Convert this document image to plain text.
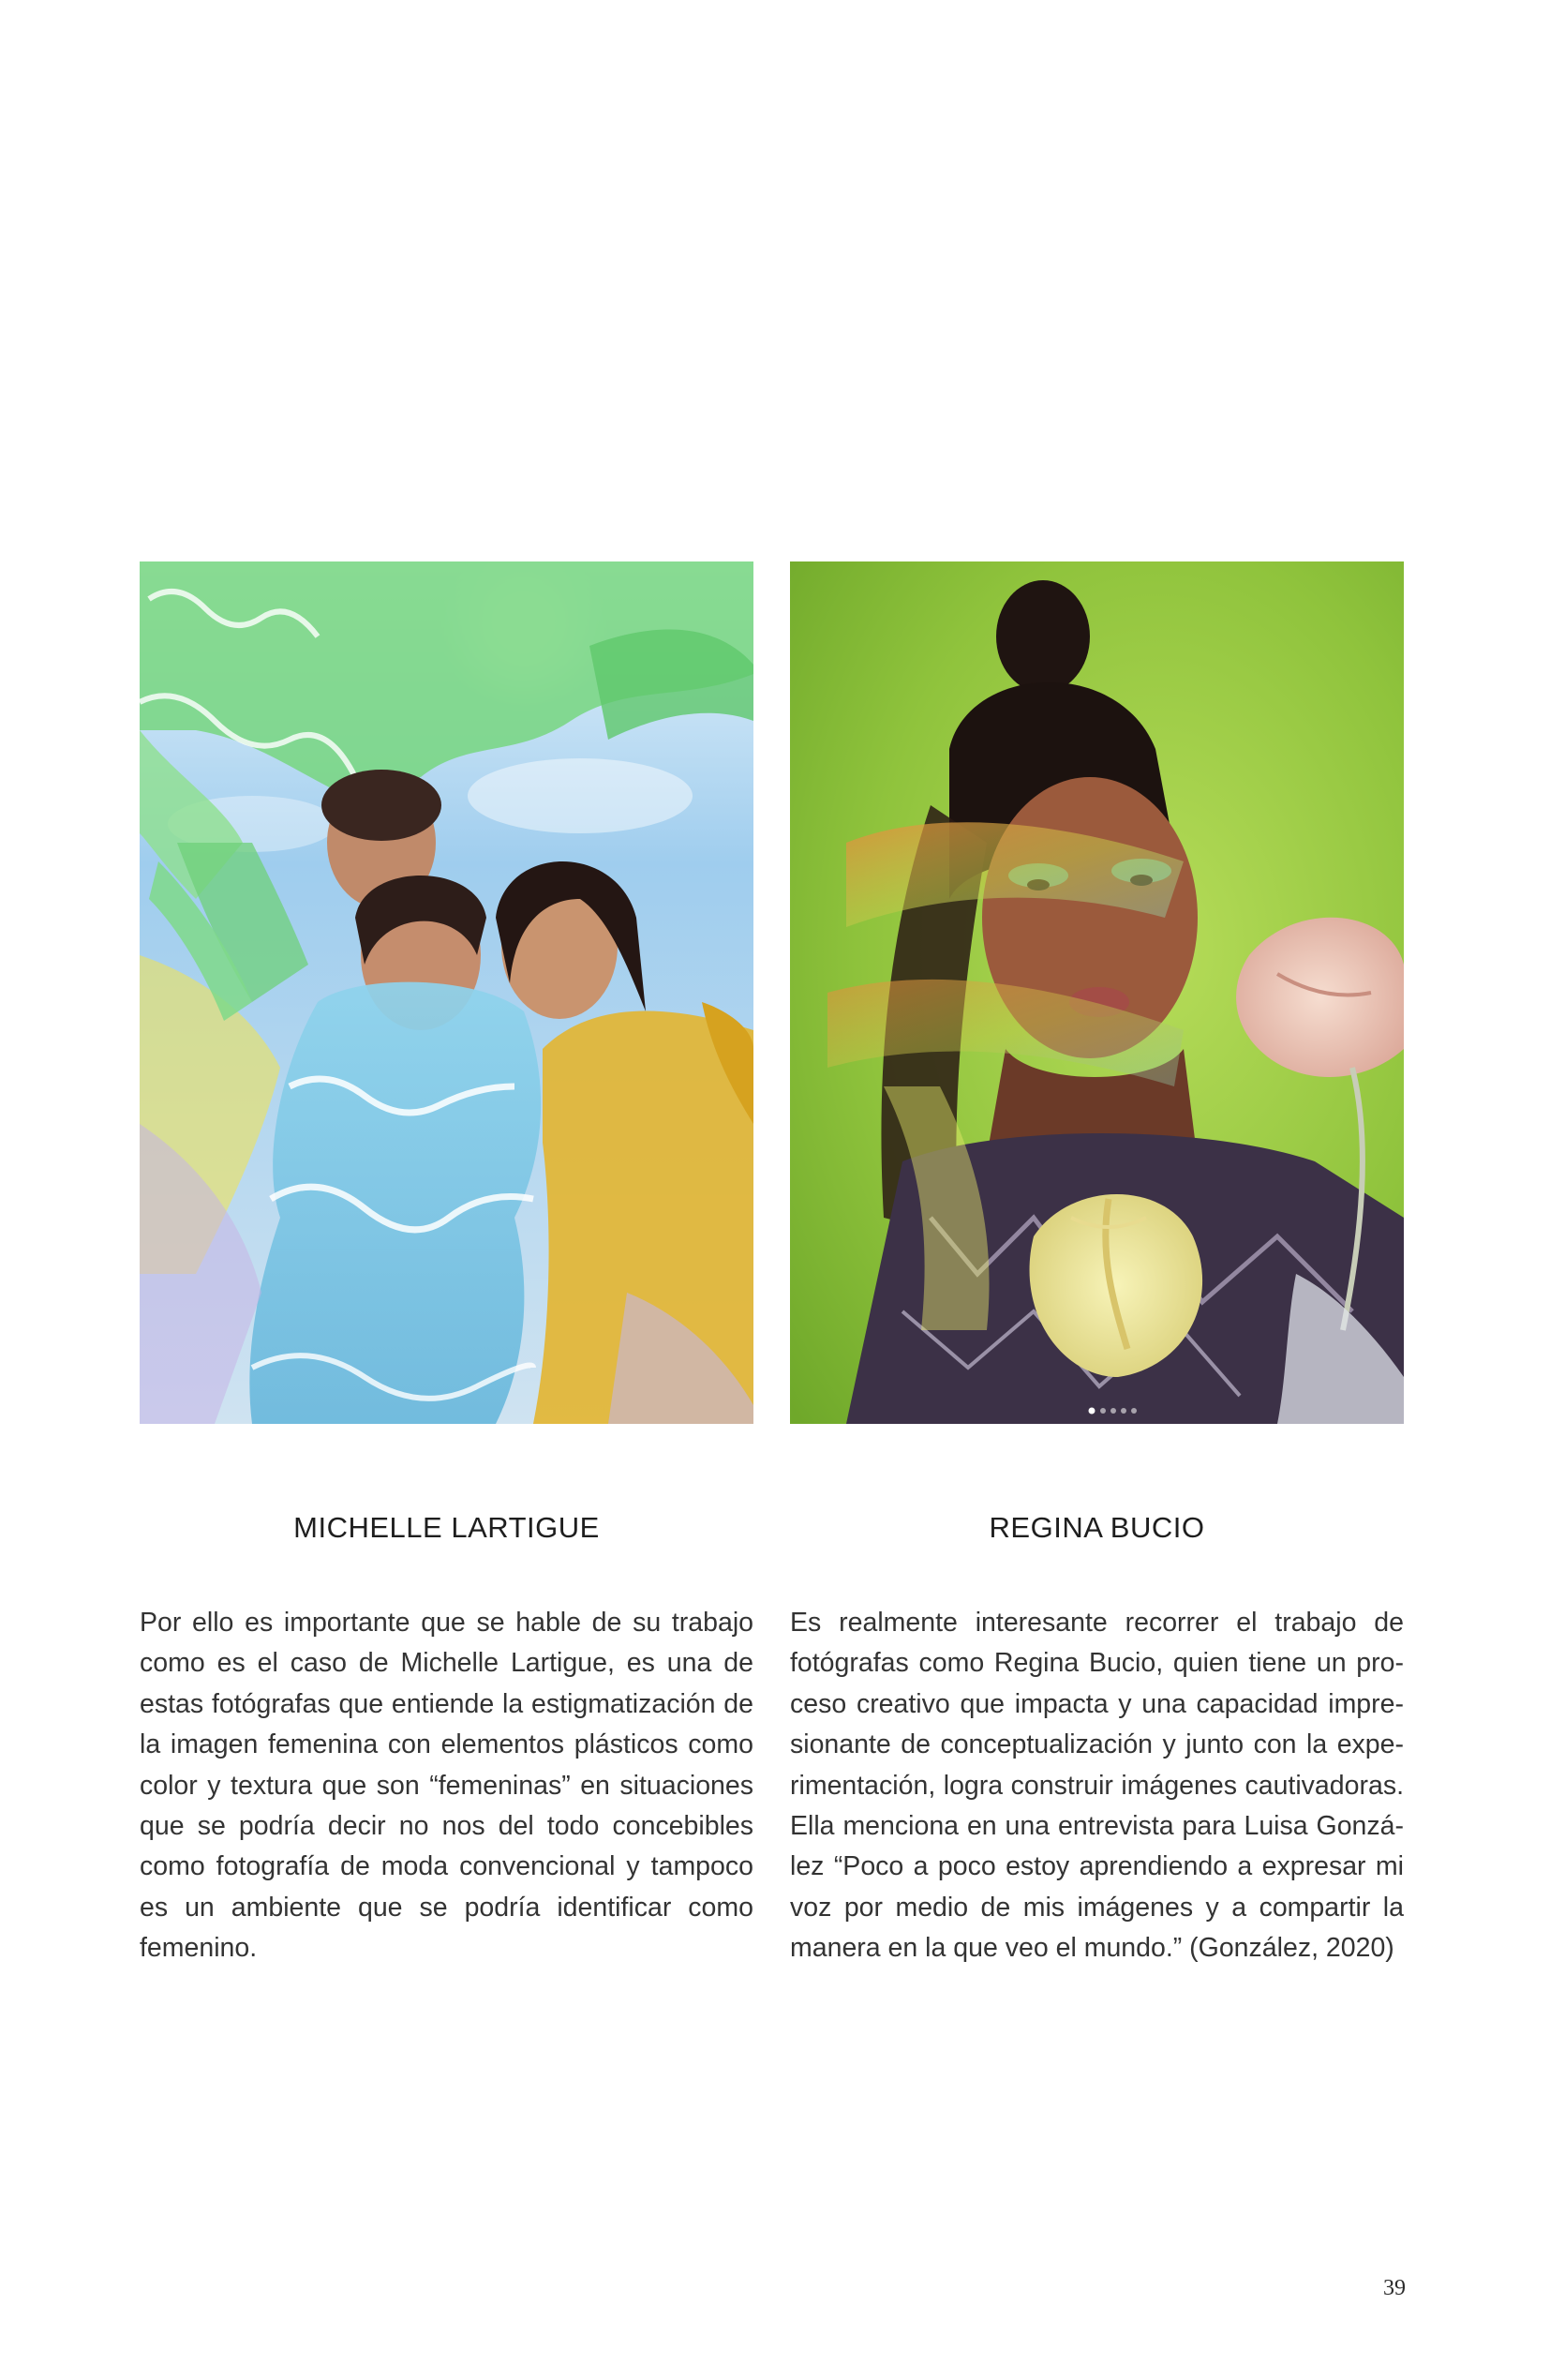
MICHELLE LARTIGUE	REGINA BUCIO

Por ello es importante que se hable de su trabajo como es el caso de Michelle Lartigue, es una de estas fotógrafas que entiende la estigmatización de la imagen femenina con elementos plásticos como color y textura que son “femeninas” en situaciones que se podría decir no nos del todo concebibles como fotografía de moda convencional y tampoco es un ambiente que se podría identificar como femenino.

Es realmente interesante recorrer el trabajo de fotógrafas como Regina Bucio, quien tiene un proceso creativo que impacta y una capacidad impresionante de conceptualización y junto con la experimentación, logra construir imágenes cautivadoras. Ella menciona en una entrevista para Luisa González “Poco a poco estoy aprendiendo a expresar mi voz por medio de mis imágenes y a compartir la manera en la que veo el mundo.” (González, 2020)

39
